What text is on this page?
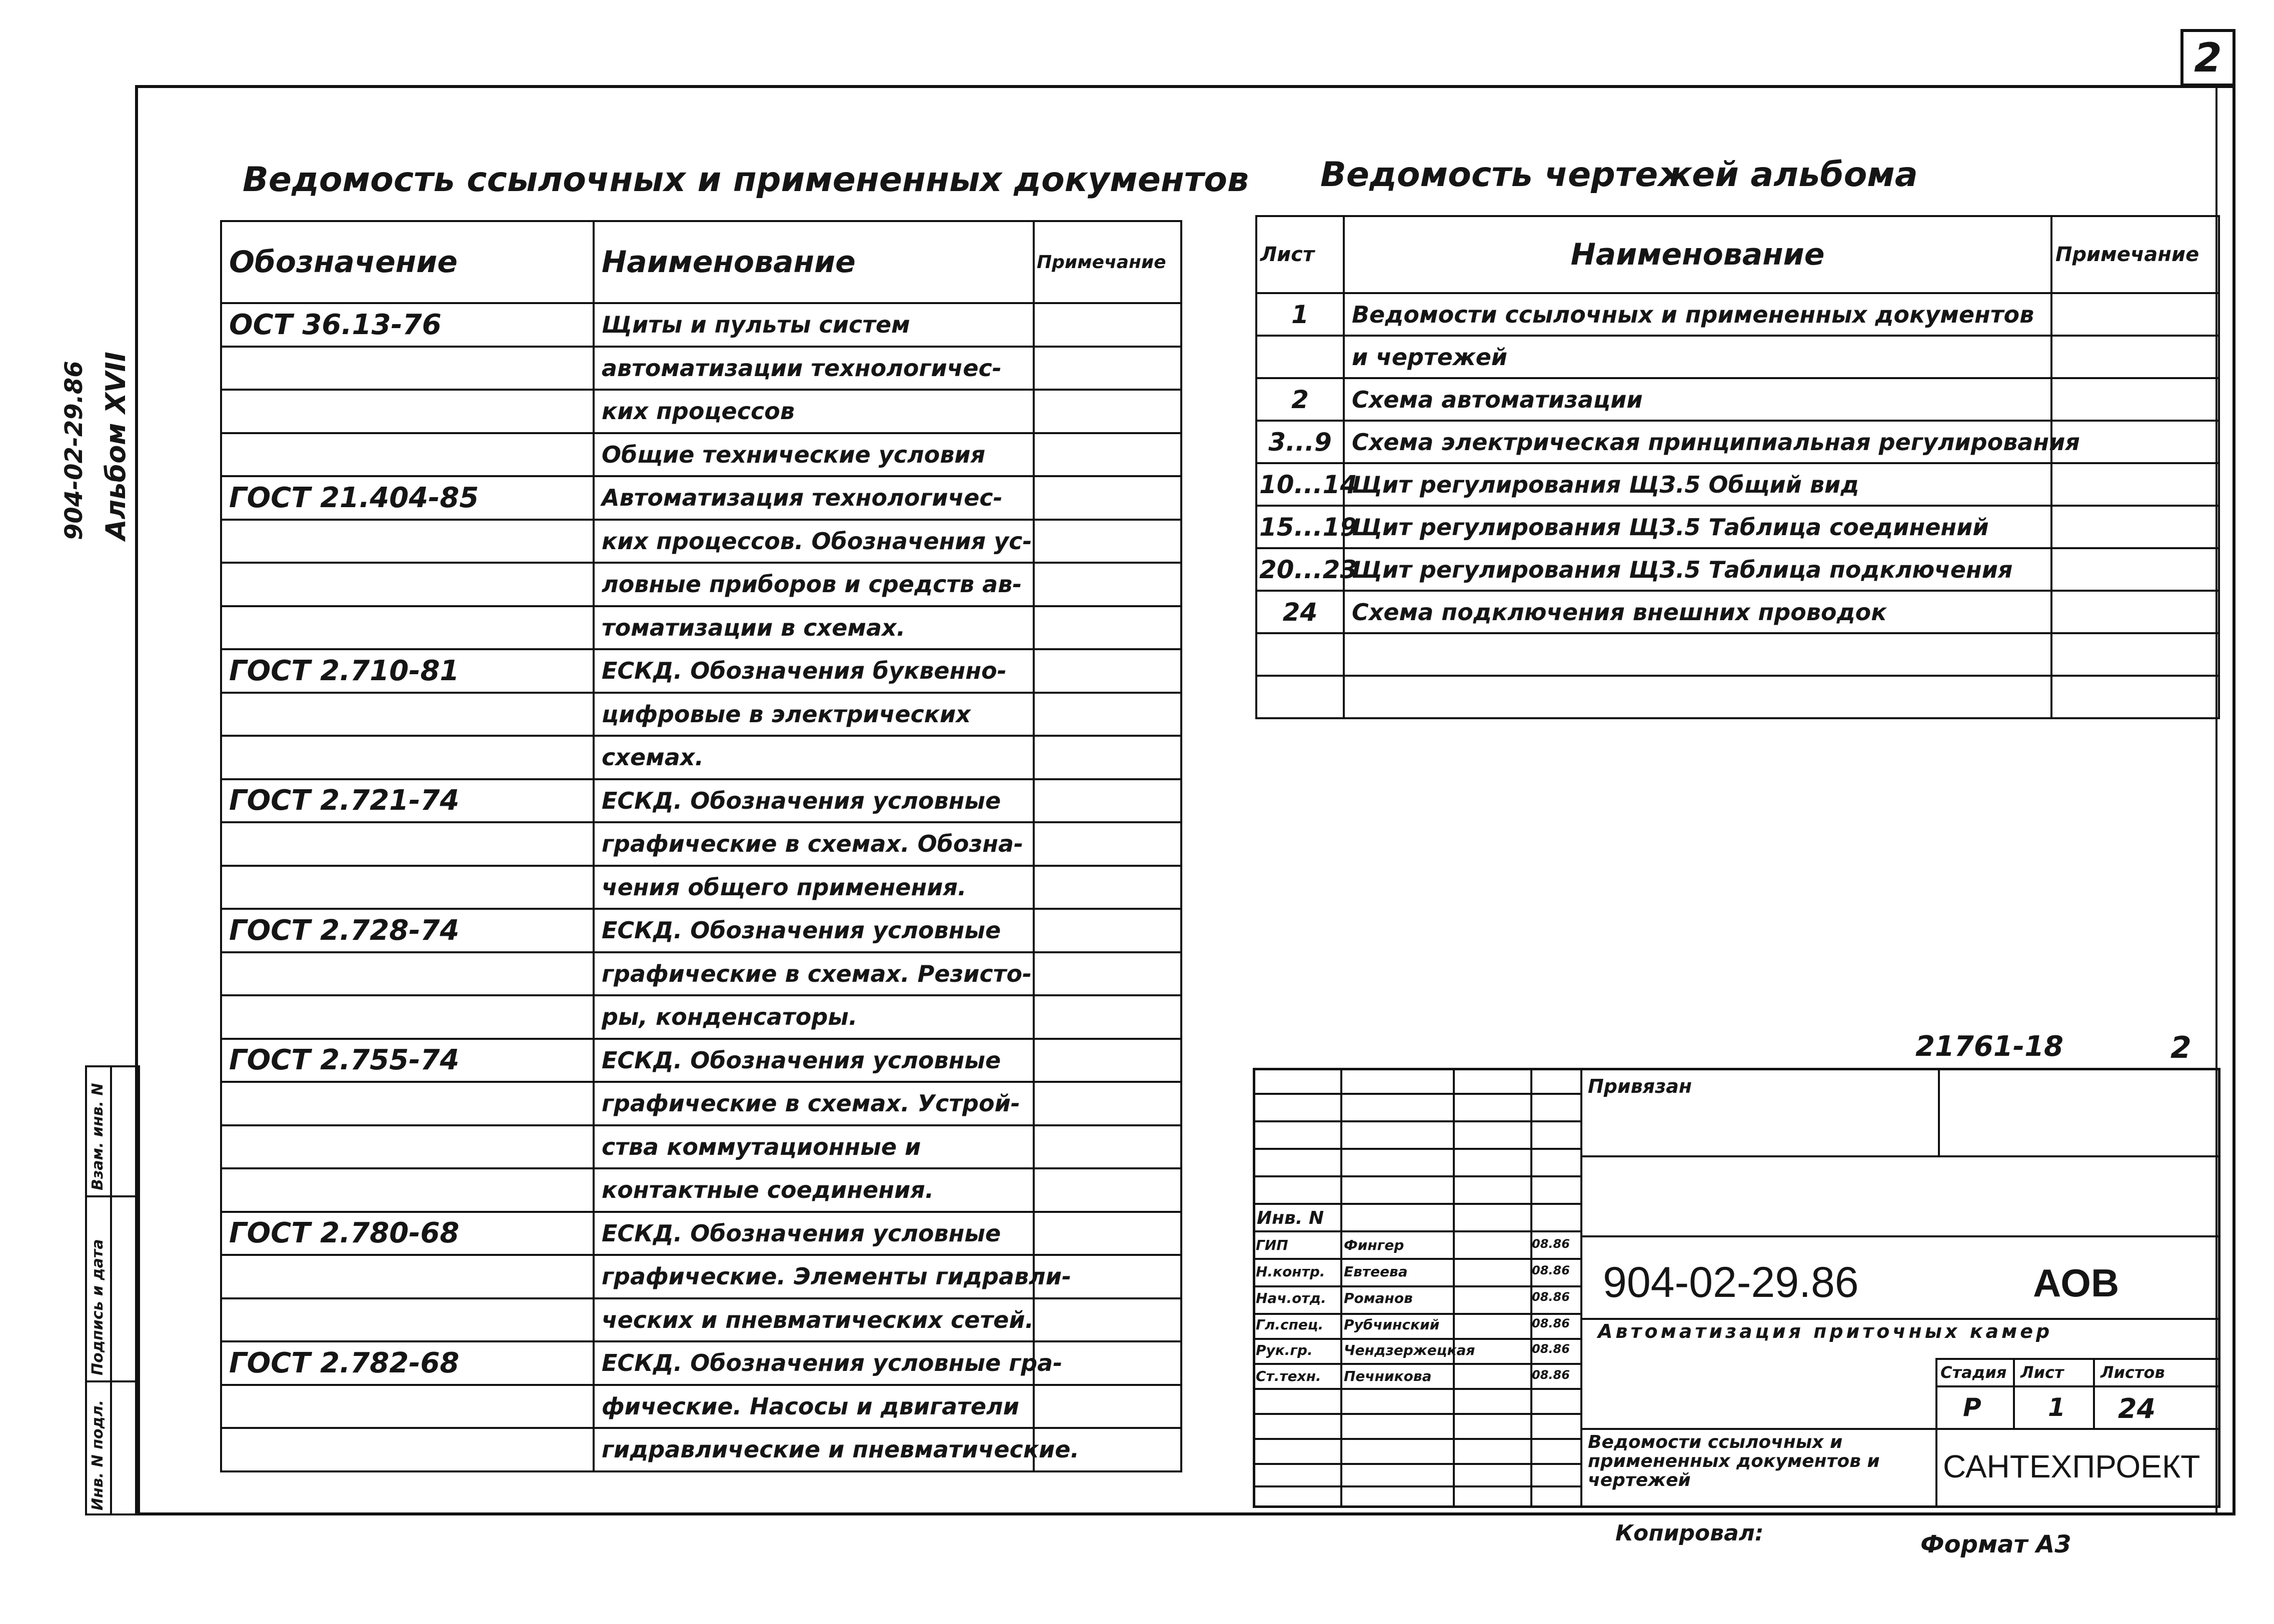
2
904-02-29.86 Альбом XVII
Инв. N подл.
Подпись и дата
Взам. инв. N
Ведомость ссылочных и примененных документов
Обозначение	Наименование	Примечание
ОСТ 36.13-76	Щиты и пульты систем	
	автоматизации технологичес-	
	ких процессов	
	Общие технические условия	
ГОСТ 21.404-85	Автоматизация технологичес-	
	ких процессов. Обозначения ус-	
	ловные приборов и средств ав-	
	томатизации в схемах.	
ГОСТ 2.710-81	ЕСКД. Обозначения буквенно-	
	цифровые в электрических	
	схемах.	
ГОСТ 2.721-74	ЕСКД. Обозначения условные	
	графические в схемах. Обозна-	
	чения общего применения.	
ГОСТ 2.728-74	ЕСКД. Обозначения условные	
	графические в схемах. Резисто-	
	ры, конденсаторы.	
ГОСТ 2.755-74	ЕСКД. Обозначения условные	
	графические в схемах. Устрой-	
	ства коммутационные и	
	контактные соединения.	
ГОСТ 2.780-68	ЕСКД. Обозначения условные	
	графические. Элементы гидравли-	
	ческих и пневматических сетей.	
ГОСТ 2.782-68	ЕСКД. Обозначения условные гра-	
	фические. Насосы и двигатели	
	гидравлические и пневматические.	
Ведомость чертежей альбома
Лист	Наименование	Примечание
1	Ведомости ссылочных и примененных документов	
	и чертежей	
2	Схема автоматизации	
3...9	Схема электрическая принципиальная регулирования	
10...14	Щит регулирования ЩЗ.5 Общий вид	
15...19	Щит регулирования ЩЗ.5 Таблица соединений	
20...23	Щит регулирования ЩЗ.5 Таблица подключения	
24	Схема подключения внешних проводок	

21761-18	2
Привязан
Инв. N
ГИП	Фингер	08.86
Н.контр. Евтеева	08.86
Нач.отд. Романов	08.86
Гл.спец. Рубчинский	08.86
Рук.гр. Чендзержецкая	08.86
Ст.техн. Печникова	08.86
904-02-29.86	АОВ
Автоматизация приточных камер
Стадия Лист Листов
Р	1 24
Ведомости ссылочных и примененных документов и чертежей	САНТЕХПРОЕКТ
Копировал:	Формат А3
